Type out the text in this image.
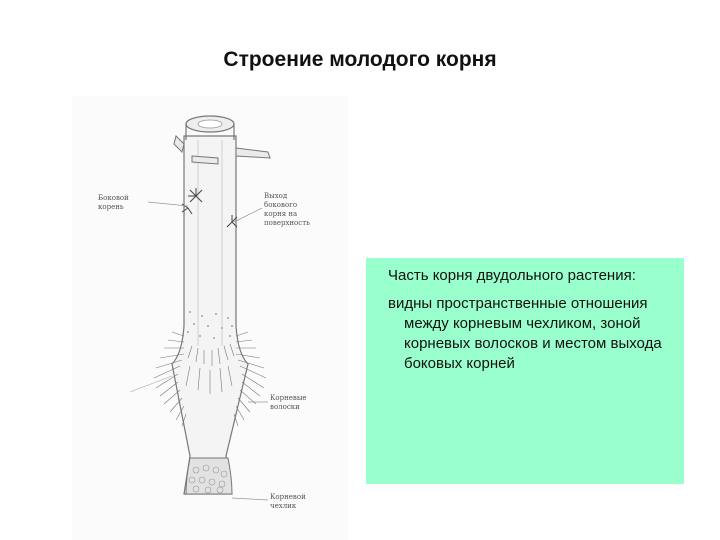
Строение молодого корня
Боковой корень
Выход бокового корня на поверхность
Корневые волоски
Корневой чехлик

Часть корня двудольного растения:

видны пространственные отношения между корневым чехликом, зоной корневых волосков и местом выхода боковых корней
